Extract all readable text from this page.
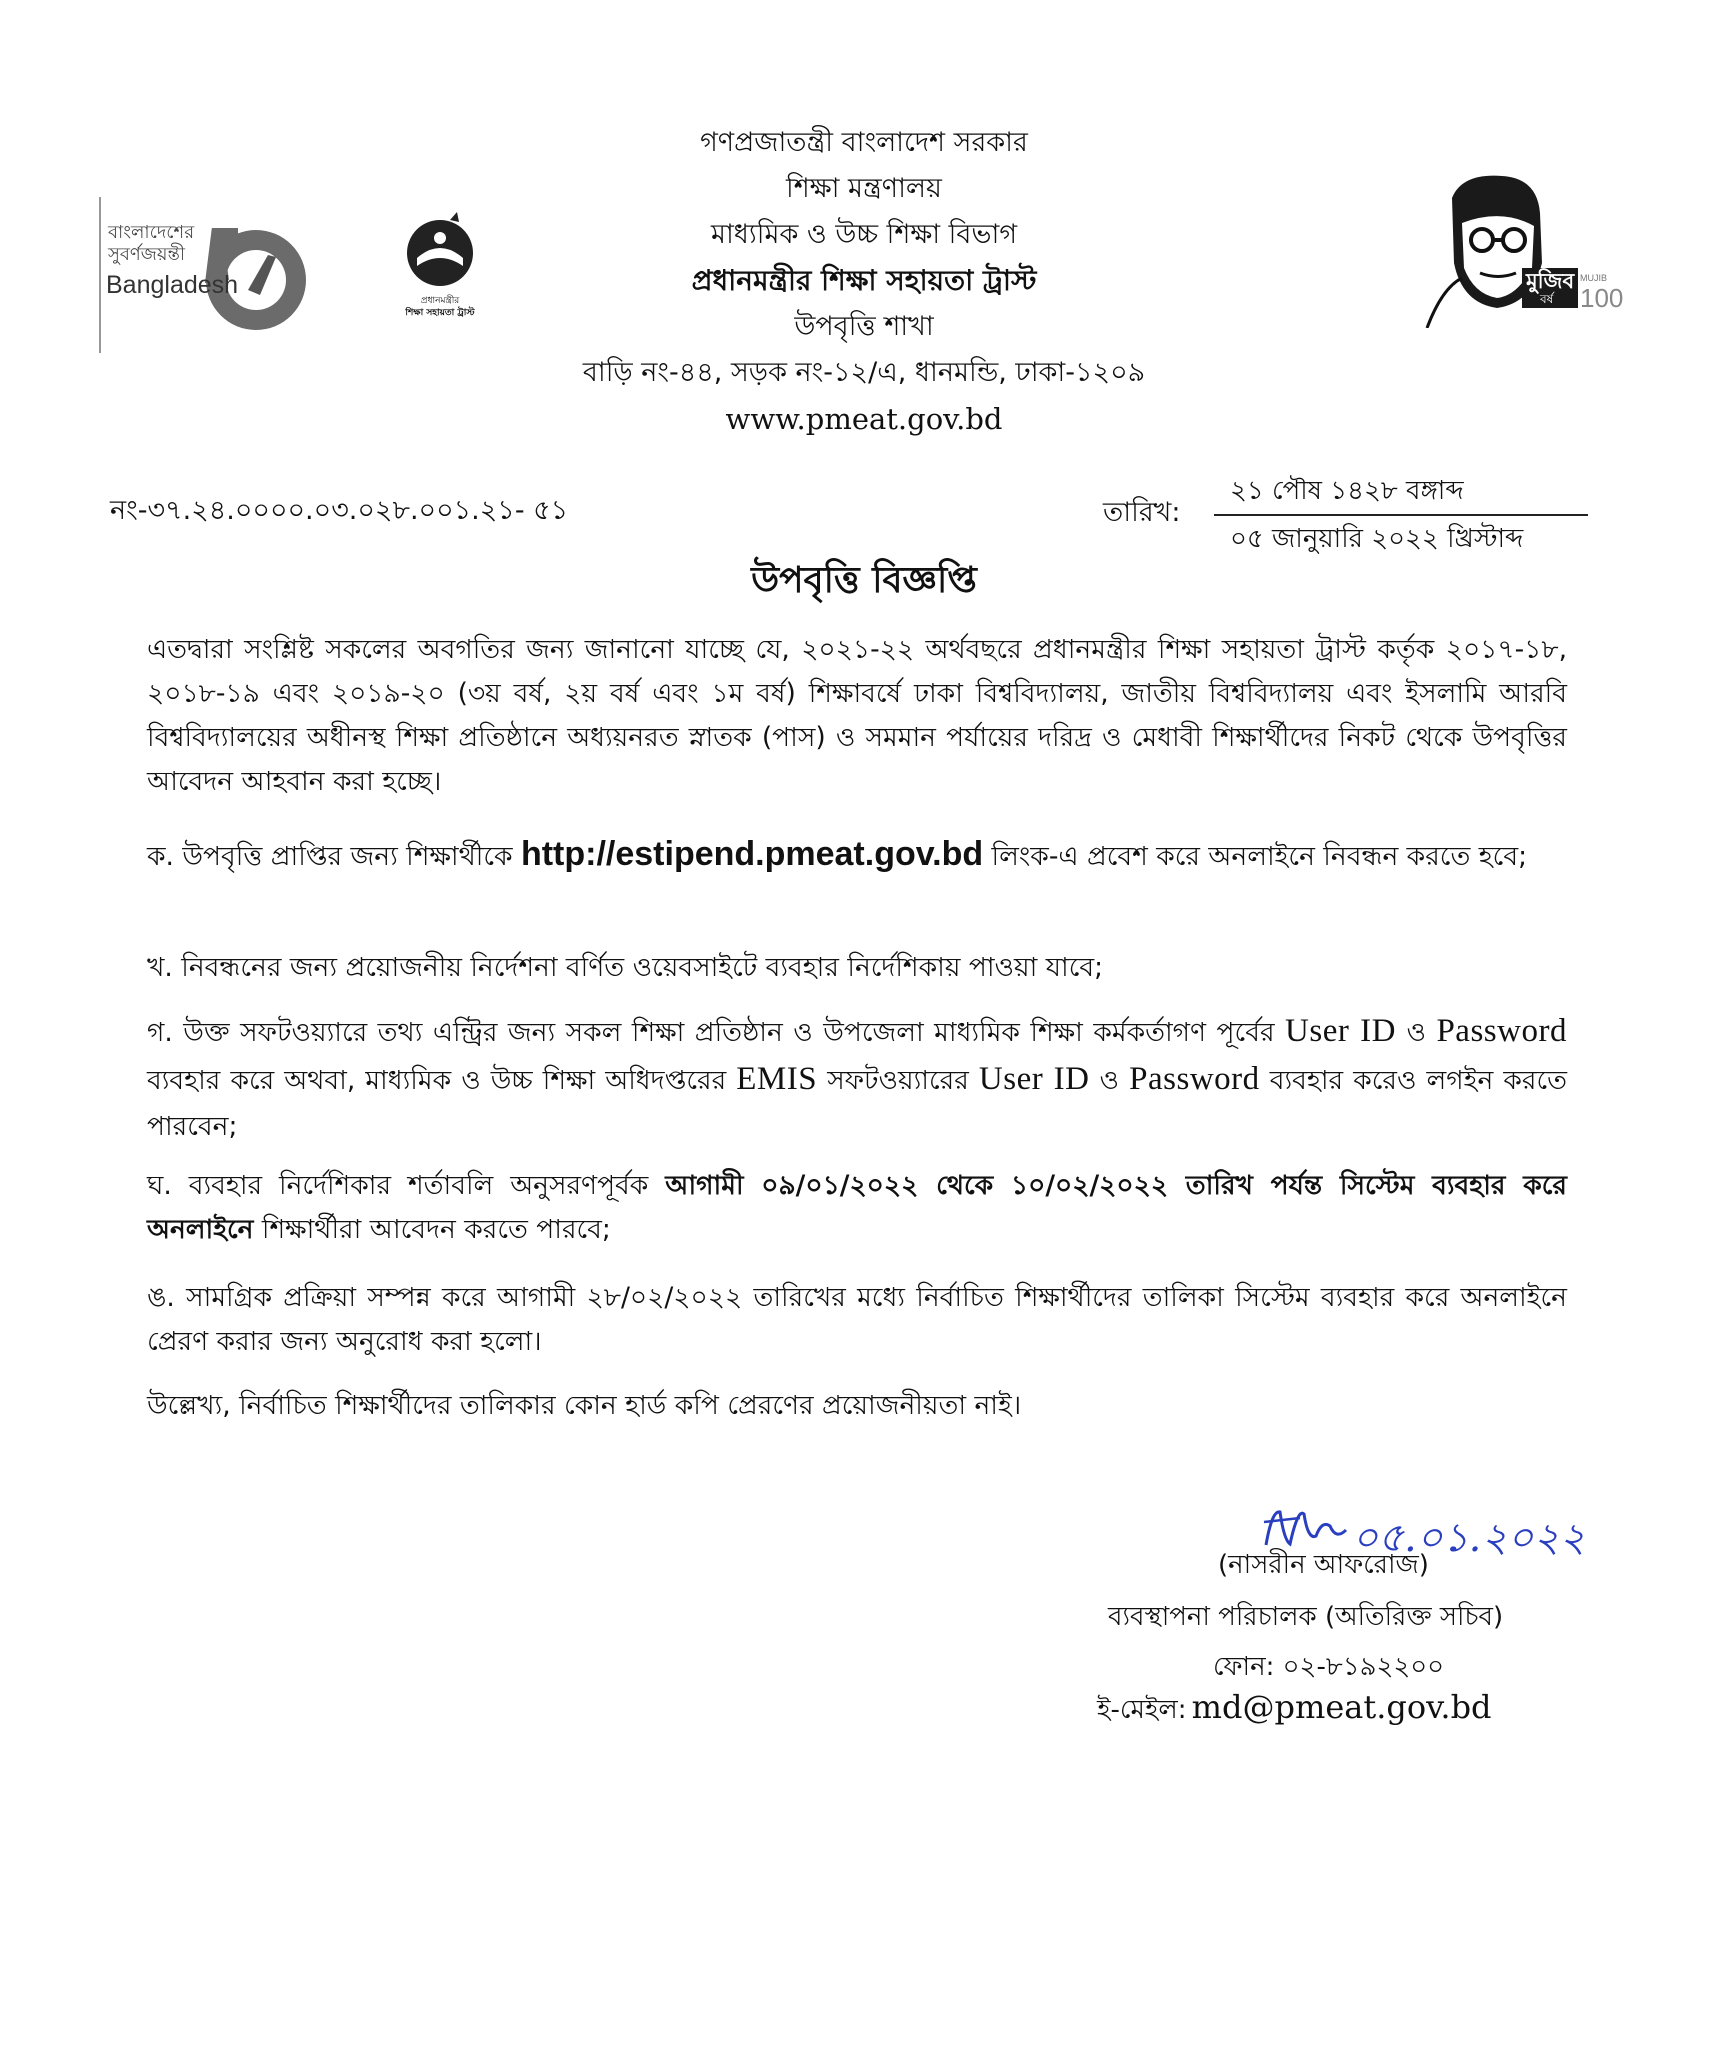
বাংলাদেশের
সুবর্ণজয়ন্তী
Bangladesh
প্রধানমন্ত্রীর
শিক্ষা সহায়তা ট্রাস্ট
মুজিব
বর্ষ
MUJIB
100
গণপ্রজাতন্ত্রী বাংলাদেশ সরকার
শিক্ষা মন্ত্রণালয়
মাধ্যমিক ও উচ্চ শিক্ষা বিভাগ
প্রধানমন্ত্রীর শিক্ষা সহায়তা ট্রাস্ট
উপবৃত্তি শাখা
বাড়ি নং-৪৪, সড়ক নং-১২/এ, ধানমন্ডি, ঢাকা-১২০৯
www.pmeat.gov.bd
নং-৩৭.২৪.০০০০.০৩.০২৮.০০১.২১- ৫১	তারিখ:
২১ পৌষ ১৪২৮ বঙ্গাব্দ
০৫ জানুয়ারি ২০২২ খ্রিস্টাব্দ
উপবৃত্তি বিজ্ঞপ্তি

এতদ্বারা সংশ্লিষ্ট সকলের অবগতির জন্য জানানো যাচ্ছে যে, ২০২১-২২ অর্থবছরে প্রধানমন্ত্রীর শিক্ষা সহায়তা ট্রাস্ট কর্তৃক ২০১৭-১৮, ২০১৮-১৯ এবং ২০১৯-২০ (৩য় বর্ষ, ২য় বর্ষ এবং ১ম বর্ষ) শিক্ষাবর্ষে ঢাকা বিশ্ববিদ্যালয়, জাতীয় বিশ্ববিদ্যালয় এবং ইসলামি আরবি বিশ্ববিদ্যালয়ের অধীনস্থ শিক্ষা প্রতিষ্ঠানে অধ্যয়নরত স্নাতক (পাস) ও সমমান পর্যায়ের দরিদ্র ও মেধাবী শিক্ষার্থীদের নিকট থেকে উপবৃত্তির আবেদন আহবান করা হচ্ছে।

ক. উপবৃত্তি প্রাপ্তির জন্য শিক্ষার্থীকে http://estipend.pmeat.gov.bd লিংক-এ প্রবেশ করে অনলাইনে নিবন্ধন করতে হবে;

খ. নিবন্ধনের জন্য প্রয়োজনীয় নির্দেশনা বর্ণিত ওয়েবসাইটে ব্যবহার নির্দেশিকায় পাওয়া যাবে;

গ. উক্ত সফটওয়্যারে তথ্য এন্ট্রির জন্য সকল শিক্ষা প্রতিষ্ঠান ও উপজেলা মাধ্যমিক শিক্ষা কর্মকর্তাগণ পূর্বের User ID ও Password ব্যবহার করে অথবা, মাধ্যমিক ও উচ্চ শিক্ষা অধিদপ্তরের EMIS সফটওয়্যারের User ID ও Password ব্যবহার করেও লগইন করতে পারবেন;

ঘ. ব্যবহার নির্দেশিকার শর্তাবলি অনুসরণপূর্বক আগামী ০৯/০১/২০২২ থেকে ১০/০২/২০২২ তারিখ পর্যন্ত সিস্টেম ব্যবহার করে অনলাইনে শিক্ষার্থীরা আবেদন করতে পারবে;

ঙ. সামগ্রিক প্রক্রিয়া সম্পন্ন করে আগামী ২৮/০২/২০২২ তারিখের মধ্যে নির্বাচিত শিক্ষার্থীদের তালিকা সিস্টেম ব্যবহার করে অনলাইনে প্রেরণ করার জন্য অনুরোধ করা হলো।

উল্লেখ্য, নির্বাচিত শিক্ষার্থীদের তালিকার কোন হার্ড কপি প্রেরণের প্রয়োজনীয়তা নাই।

০৫.০১.২০২২
(নাসরীন আফরোজ)
ব্যবস্থাপনা পরিচালক (অতিরিক্ত সচিব)
ফোন: ০২-৮১৯২২০০
ই-মেইল: md@pmeat.gov.bd
